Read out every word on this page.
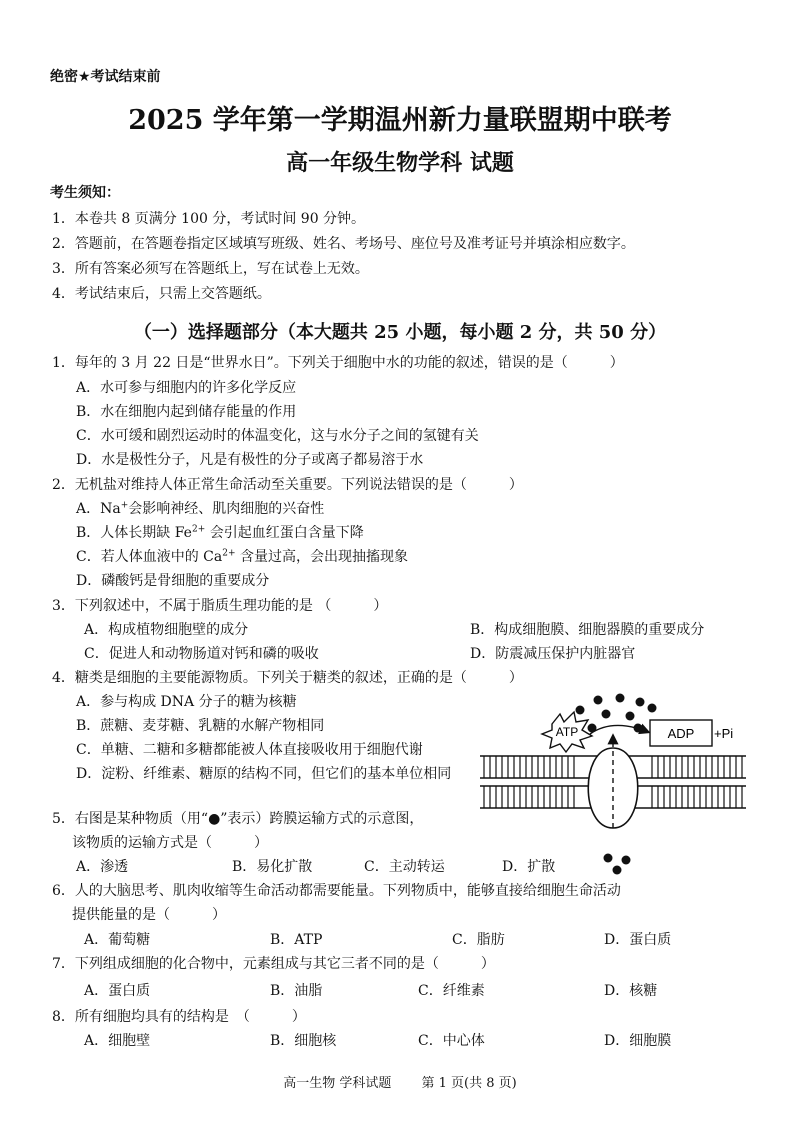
绝密★考试结束前
2025 学年第一学期温州新力量联盟期中联考
高一年级生物学科 试题
考生须知：
1．本卷共 8 页满分 100 分，考试时间 90 分钟。
2．答题前，在答题卷指定区域填写班级、姓名、考场号、座位号及准考证号并填涂相应数字。
3．所有答案必须写在答题纸上，写在试卷上无效。
4．考试结束后，只需上交答题纸。
（一）选择题部分（本大题共 25 小题，每小题 2 分，共 50 分）
1．每年的 3 月 22 日是“世界水日”。下列关于细胞中水的功能的叙述，错误的是（　　　）
A．水可参与细胞内的许多化学反应
B．水在细胞内起到储存能量的作用
C．水可缓和剧烈运动时的体温变化，这与水分子之间的氢键有关
D．水是极性分子，凡是有极性的分子或离子都易溶于水
2．无机盐对维持人体正常生命活动至关重要。下列说法错误的是（　　　）
A．Na+会影响神经、肌肉细胞的兴奋性
B．人体长期缺 $Fe^{2+}$ 会引起血红蛋白含量下降
C．若人体血液中的 $Ca^{2+}$ 含量过高，会出现抽搐现象
D．磷酸钙是骨细胞的重要成分
3．下列叙述中，不属于脂质生理功能的是 （　　　）
A．构成植物细胞壁的成分	B．构成细胞膜、细胞器膜的重要成分
C．促进人和动物肠道对钙和磷的吸收	D．防震减压保护内脏器官
4．糖类是细胞的主要能源物质。下列关于糖类的叙述，正确的是（　　　）
A．参与构成 DNA 分子的糖为核糖
B．蔗糖、麦芽糖、乳糖的水解产物相同
C．单糖、二糖和多糖都能被人体直接吸收用于细胞代谢
D．淀粉、纤维素、糖原的结构不同，但它们的基本单位相同
5．右图是某种物质（用“●”表示）跨膜运输方式的示意图，
该物质的运输方式是（　　　）
A．渗透	B．易化扩散	C．主动转运	D．扩散
6．人的大脑思考、肌肉收缩等生命活动都需要能量。下列物质中，能够直接给细胞生命活动
提供能量的是（　　　）
A．葡萄糖	B．ATP	C．脂肪	D．蛋白质
7．下列组成细胞的化合物中，元素组成与其它三者不同的是（　　　）
A．蛋白质	B．油脂	C．纤维素	D．核糖
8．所有细胞均具有的结构是　（　　　）
A．细胞壁	B．细胞核	C．中心体	D．细胞膜
ATP	ADP +Pi
高一生物 学科试题　　 第 1 页(共 8 页)
